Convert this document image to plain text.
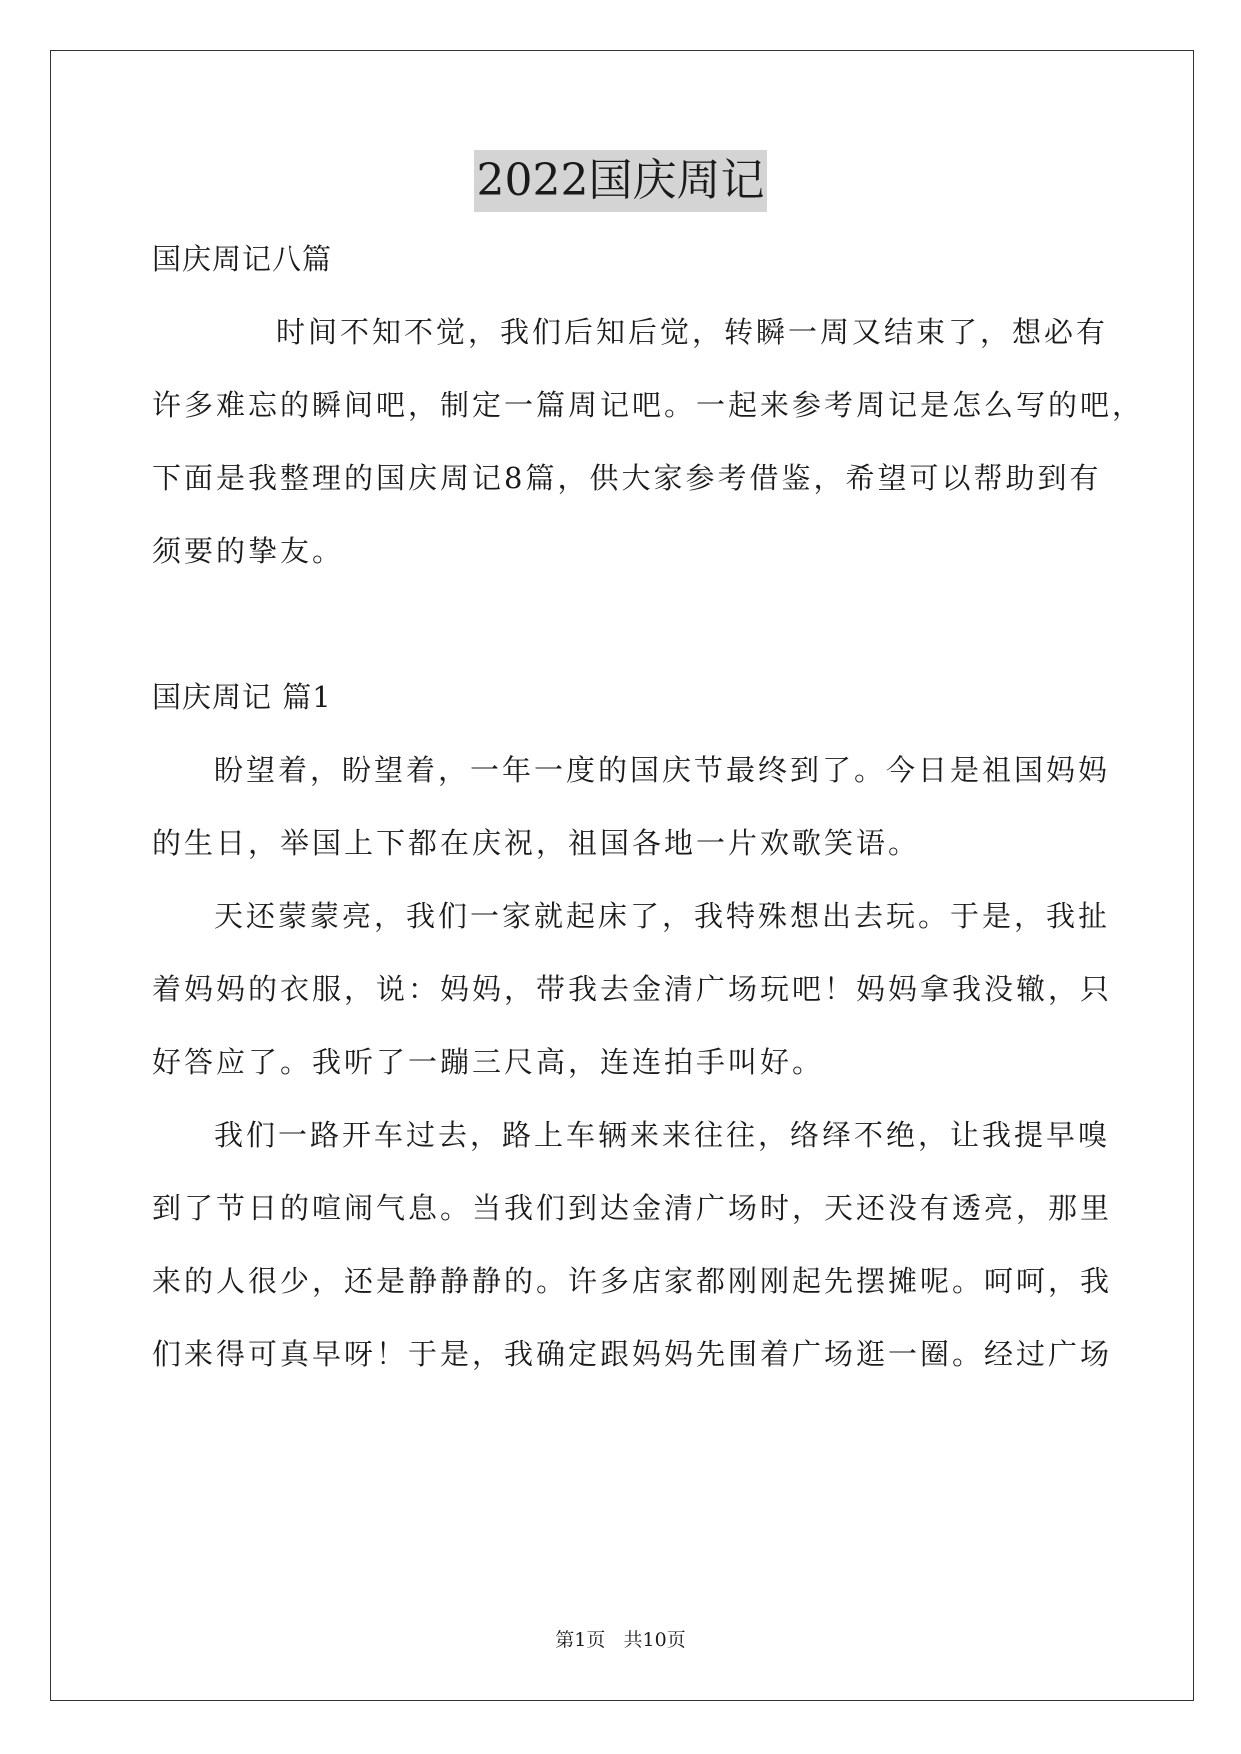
2022国庆周记
国庆周记八篇
时间不知不觉，我们后知后觉，转瞬一周又结束了，想必有
许多难忘的瞬间吧，制定一篇周记吧。一起来参考周记是怎么写的吧，
下面是我整理的国庆周记8篇，供大家参考借鉴，希望可以帮助到有
须要的挚友。
国庆周记 篇1
盼望着，盼望着，一年一度的国庆节最终到了。今日是祖国妈妈
的生日，举国上下都在庆祝，祖国各地一片欢歌笑语。
天还蒙蒙亮，我们一家就起床了，我特殊想出去玩。于是，我扯
着妈妈的衣服，说：妈妈，带我去金清广场玩吧！妈妈拿我没辙，只
好答应了。我听了一蹦三尺高，连连拍手叫好。
我们一路开车过去，路上车辆来来往往，络绎不绝，让我提早嗅
到了节日的喧闹气息。当我们到达金清广场时，天还没有透亮，那里
来的人很少，还是静静静的。许多店家都刚刚起先摆摊呢。呵呵，我
们来得可真早呀！于是，我确定跟妈妈先围着广场逛一圈。经过广场
第1页 共10页
